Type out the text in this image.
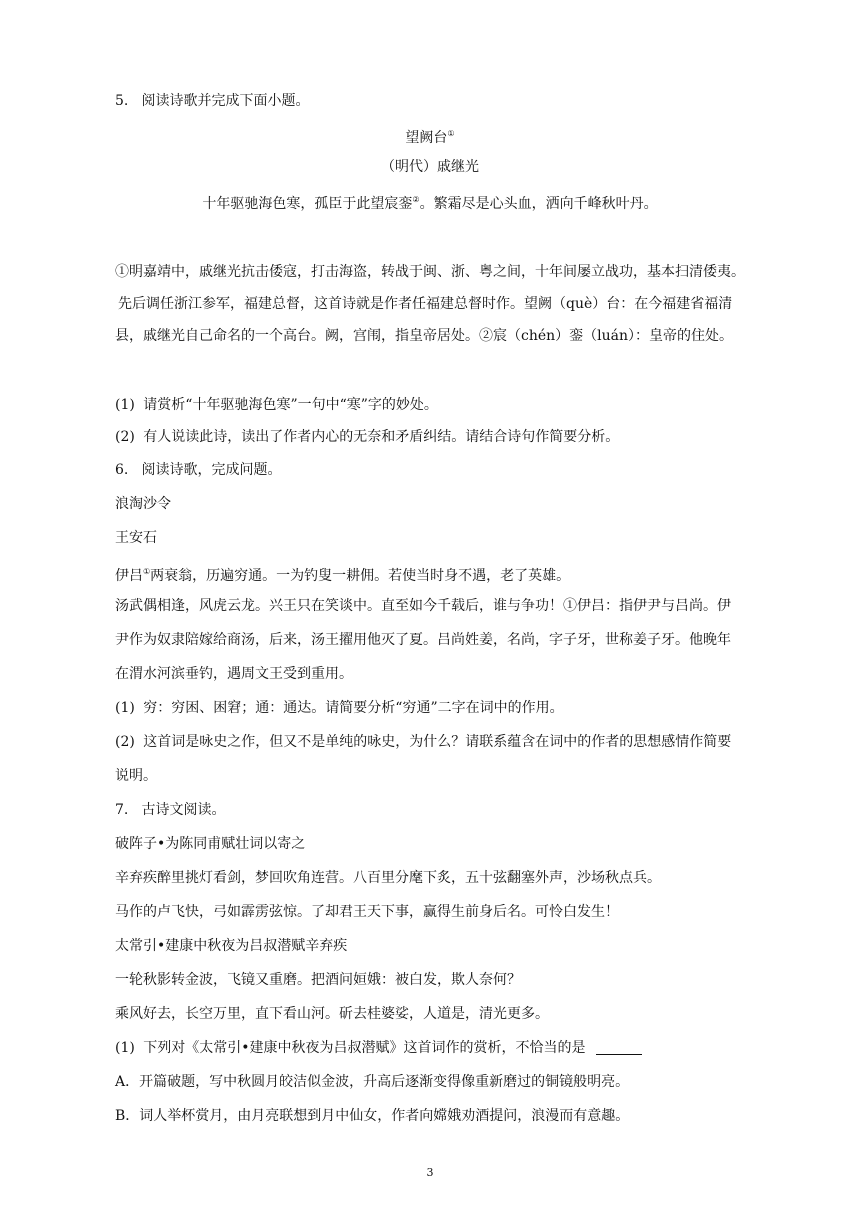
5. 阅读诗歌并完成下面小题。
望阙台①
（明代）戚继光
十年驱驰海色寒，孤臣于此望宸銮②。繁霜尽是心头血，洒向千峰秋叶丹。
①明嘉靖中，戚继光抗击倭寇，打击海盗，转战于闽、浙、粤之间，十年间屡立战功，基本扫清倭夷。
先后调任浙江参军，福建总督，这首诗就是作者任福建总督时作。望阙（què）台：在今福建省福清
县，戚继光自己命名的一个高台。阙，宫闱，指皇帝居处。②宸（chén）銮（luán）：皇帝的住处。
(1) 请赏析“十年驱驰海色寒”一句中“寒”字的妙处。
(2) 有人说读此诗，读出了作者内心的无奈和矛盾纠结。请结合诗句作简要分析。
6. 阅读诗歌，完成问题。
浪淘沙令
王安石
伊吕①两衰翁，历遍穷通。一为钓叟一耕佣。若使当时身不遇，老了英雄。
汤武偶相逢，风虎云龙。兴王只在笑谈中。直至如今千载后，谁与争功！①伊吕：指伊尹与吕尚。伊
尹作为奴隶陪嫁给商汤，后来，汤王擢用他灭了夏。吕尚姓姜，名尚，字子牙，世称姜子牙。他晚年
在渭水河滨垂钓，遇周文王受到重用。
(1) 穷：穷困、困窘；通：通达。请简要分析“穷通”二字在词中的作用。
(2) 这首词是咏史之作，但又不是单纯的咏史，为什么？请联系蕴含在词中的作者的思想感情作简要
说明。
7. 古诗文阅读。
破阵子•为陈同甫赋壮词以寄之
辛弃疾醉里挑灯看剑，梦回吹角连营。八百里分麾下炙，五十弦翻塞外声，沙场秋点兵。
马作的卢飞快，弓如霹雳弦惊。了却君王天下事，赢得生前身后名。可怜白发生！
太常引•建康中秋夜为吕叔潜赋辛弃疾
一轮秋影转金波，飞镜又重磨。把酒问姮娥：被白发，欺人奈何？
乘风好去，长空万里，直下看山河。斫去桂婆娑，人道是，清光更多。
(1) 下列对《太常引•建康中秋夜为吕叔潜赋》这首词作的赏析，不恰当的是
A．开篇破题，写中秋圆月皎洁似金波，升高后逐渐变得像重新磨过的铜镜般明亮。
B．词人举杯赏月，由月亮联想到月中仙女，作者向嫦娥劝酒提问，浪漫而有意趣。
3
